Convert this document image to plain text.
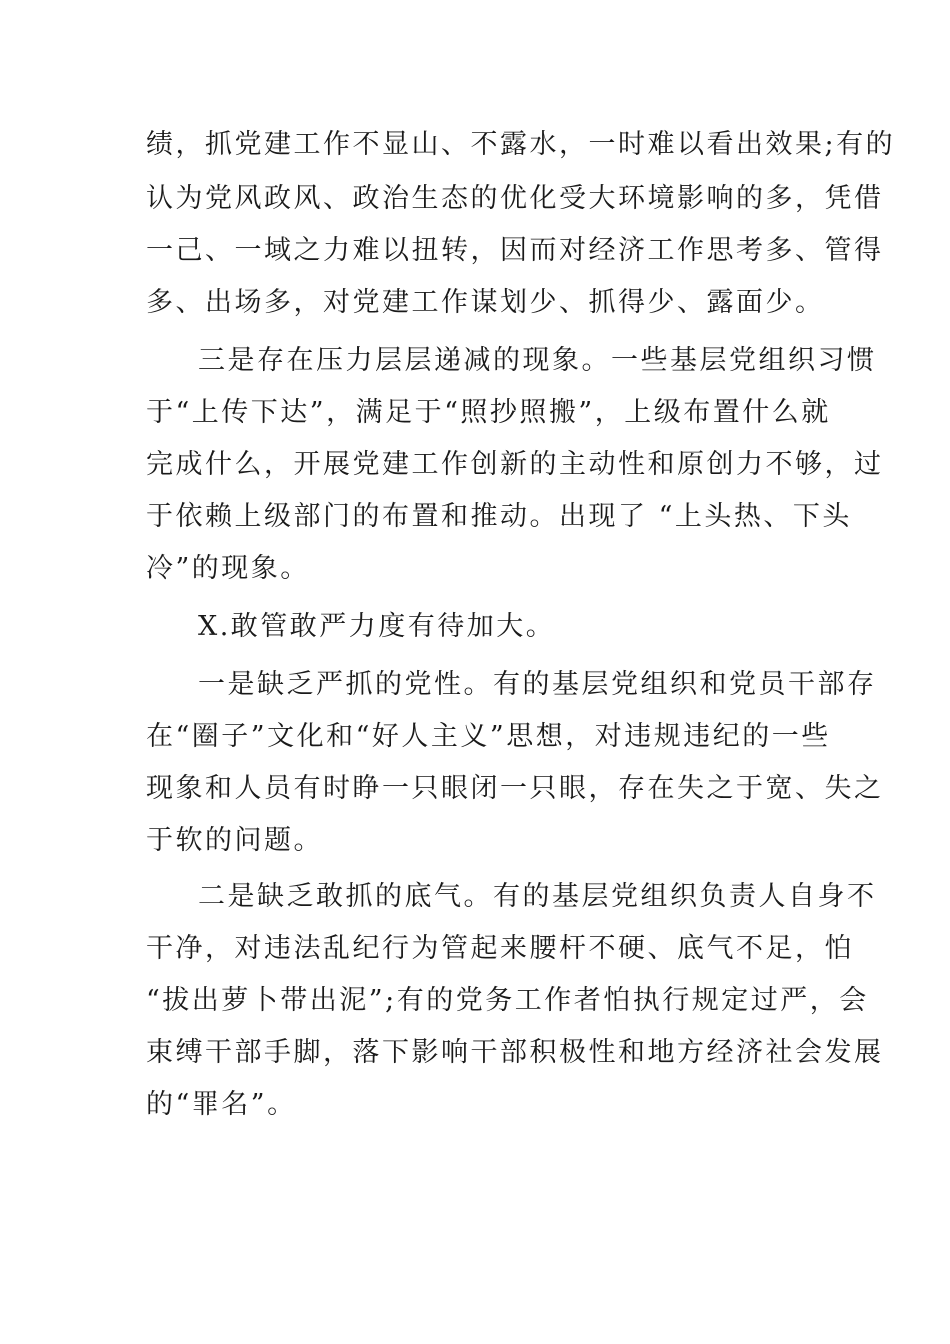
绩，抓党建工作不显山、不露水，一时难以看出效果;有的
认为党风政风、政治生态的优化受大环境影响的多，凭借
一己、一域之力难以扭转，因而对经济工作思考多、管得
多、出场多，对党建工作谋划少、抓得少、露面少。
三是存在压力层层递减的现象。一些基层党组织习惯
于“上传下达”，满足于“照抄照搬”，上级布置什么就
完成什么，开展党建工作创新的主动性和原创力不够，过
于依赖上级部门的布置和推动。出现了 “上头热、下头
冷”的现象。
X.敢管敢严力度有待加大。
一是缺乏严抓的党性。有的基层党组织和党员干部存
在“圈子”文化和“好人主义”思想，对违规违纪的一些
现象和人员有时睁一只眼闭一只眼，存在失之于宽、失之
于软的问题。
二是缺乏敢抓的底气。有的基层党组织负责人自身不
干净，对违法乱纪行为管起来腰杆不硬、底气不足，怕
“拔出萝卜带出泥”;有的党务工作者怕执行规定过严，会
束缚干部手脚，落下影响干部积极性和地方经济社会发展
的“罪名”。
